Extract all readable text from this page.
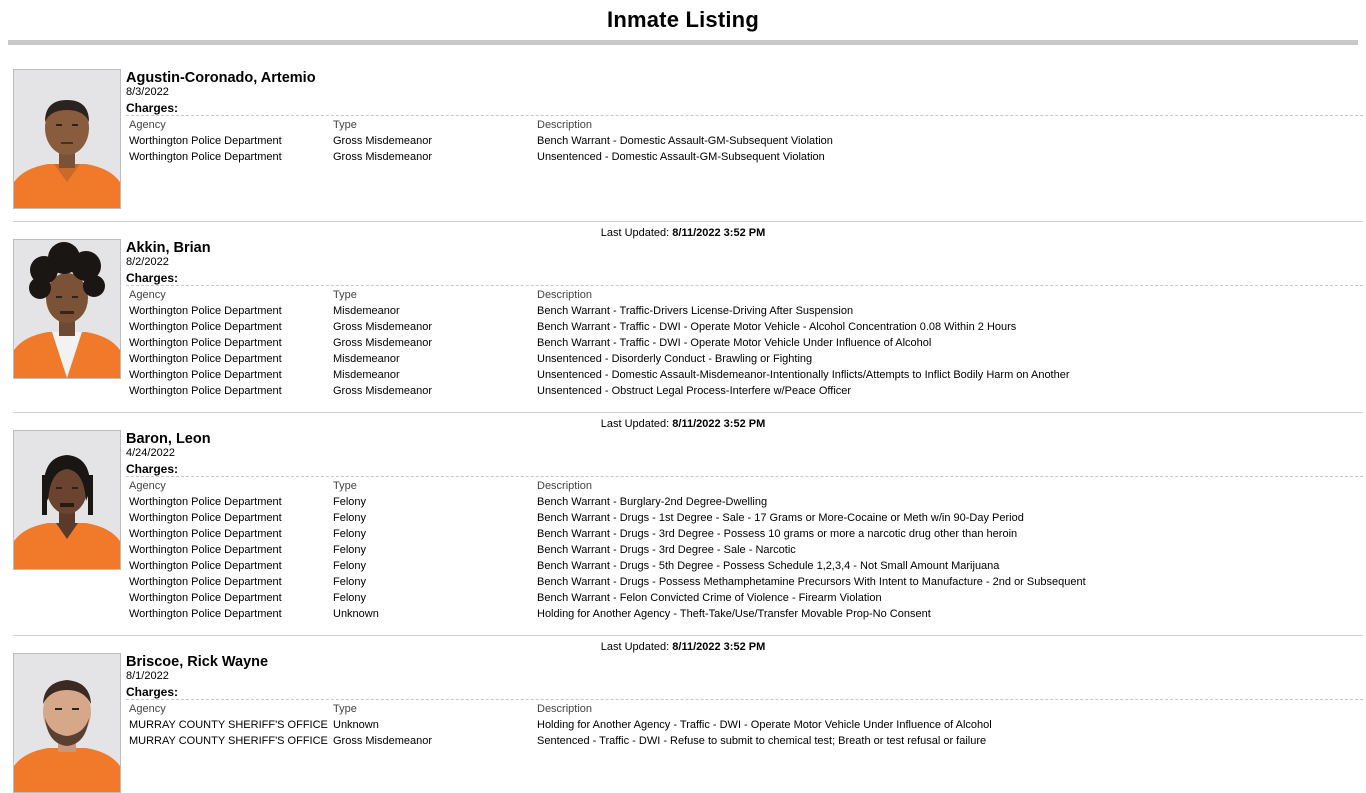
Inmate Listing
Agustin-Coronado, Artemio
8/3/2022
Charges:
Agency	Type	Description
Worthington Police Department	Gross Misdemeanor	Bench Warrant - Domestic Assault-GM-Subsequent Violation
Worthington Police Department	Gross Misdemeanor	Unsentenced - Domestic Assault-GM-Subsequent Violation
Last Updated: 8/11/2022 3:52 PM
Akkin, Brian
8/2/2022
Charges:
Agency	Type	Description
Worthington Police Department	Misdemeanor	Bench Warrant - Traffic-Drivers License-Driving After Suspension
Worthington Police Department	Gross Misdemeanor	Bench Warrant - Traffic - DWI - Operate Motor Vehicle - Alcohol Concentration 0.08 Within 2 Hours
Worthington Police Department	Gross Misdemeanor	Bench Warrant - Traffic - DWI - Operate Motor Vehicle Under Influence of Alcohol
Worthington Police Department	Misdemeanor	Unsentenced - Disorderly Conduct - Brawling or Fighting
Worthington Police Department	Misdemeanor	Unsentenced - Domestic Assault-Misdemeanor-Intentionally Inflicts/Attempts to Inflict Bodily Harm on Another
Worthington Police Department	Gross Misdemeanor	Unsentenced - Obstruct Legal Process-Interfere w/Peace Officer
Last Updated: 8/11/2022 3:52 PM
Baron, Leon
4/24/2022
Charges:
Agency	Type	Description
Worthington Police Department	Felony	Bench Warrant - Burglary-2nd Degree-Dwelling
Worthington Police Department	Felony	Bench Warrant - Drugs - 1st Degree - Sale - 17 Grams or More-Cocaine or Meth w/in 90-Day Period
Worthington Police Department	Felony	Bench Warrant - Drugs - 3rd Degree - Possess 10 grams or more a narcotic drug other than heroin
Worthington Police Department	Felony	Bench Warrant - Drugs - 3rd Degree - Sale - Narcotic
Worthington Police Department	Felony	Bench Warrant - Drugs - 5th Degree - Possess Schedule 1,2,3,4 - Not Small Amount Marijuana
Worthington Police Department	Felony	Bench Warrant - Drugs - Possess Methamphetamine Precursors With Intent to Manufacture - 2nd or Subsequent
Worthington Police Department	Felony	Bench Warrant - Felon Convicted Crime of Violence - Firearm Violation
Worthington Police Department	Unknown	Holding for Another Agency - Theft-Take/Use/Transfer Movable Prop-No Consent
Last Updated: 8/11/2022 3:52 PM
Briscoe, Rick Wayne
8/1/2022
Charges:
Agency	Type	Description
MURRAY COUNTY SHERIFF'S OFFICE Unknown	Holding for Another Agency - Traffic - DWI - Operate Motor Vehicle Under Influence of Alcohol
MURRAY COUNTY SHERIFF'S OFFICE Gross Misdemeanor	Sentenced - Traffic - DWI - Refuse to submit to chemical test; Breath or test refusal or failure
